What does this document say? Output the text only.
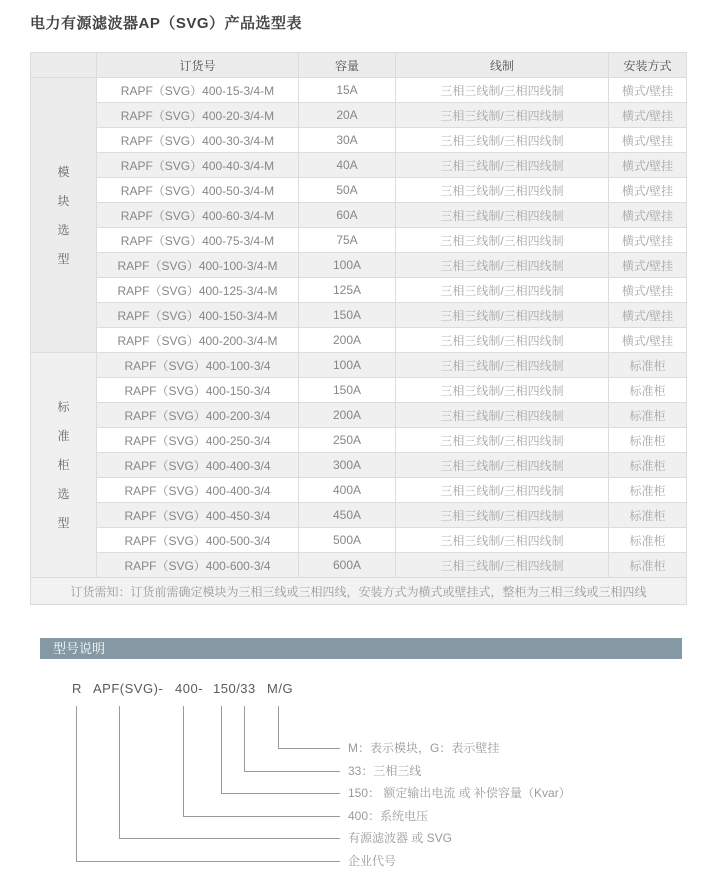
电力有源滤波器AP（SVG）产品选型表
	订货号	容量	线制	安装方式

模
块
选
型	RAPF（SVG）400-15-3/4-M	15A	三相三线制/三相四线制	横式/壁挂
	RAPF（SVG）400-20-3/4-M	20A	三相三线制/三相四线制	横式/壁挂
	RAPF（SVG）400-30-3/4-M	30A	三相三线制/三相四线制	横式/壁挂
	RAPF（SVG）400-40-3/4-M	40A	三相三线制/三相四线制	横式/壁挂
	RAPF（SVG）400-50-3/4-M	50A	三相三线制/三相四线制	横式/壁挂
	RAPF（SVG）400-60-3/4-M	60A	三相三线制/三相四线制	横式/壁挂
	RAPF（SVG）400-75-3/4-M	75A	三相三线制/三相四线制	横式/壁挂
	RAPF（SVG）400-100-3/4-M	100A	三相三线制/三相四线制	横式/壁挂
	RAPF（SVG）400-125-3/4-M	125A	三相三线制/三相四线制	横式/壁挂
	RAPF（SVG）400-150-3/4-M	150A	三相三线制/三相四线制	横式/壁挂
	RAPF（SVG）400-200-3/4-M	200A	三相三线制/三相四线制	横式/壁挂

标
准
柜
选
型	RAPF（SVG）400-100-3/4	100A	三相三线制/三相四线制	标准柜
	RAPF（SVG）400-150-3/4	150A	三相三线制/三相四线制	标准柜
	RAPF（SVG）400-200-3/4	200A	三相三线制/三相四线制	标准柜
	RAPF（SVG）400-250-3/4	250A	三相三线制/三相四线制	标准柜
	RAPF（SVG）400-400-3/4	300A	三相三线制/三相四线制	标准柜
	RAPF（SVG）400-400-3/4	400A	三相三线制/三相四线制	标准柜
	RAPF（SVG）400-450-3/4	450A	三相三线制/三相四线制	标准柜
	RAPF（SVG）400-500-3/4	500A	三相三线制/三相四线制	标准柜
	RAPF（SVG）400-600-3/4	600A	三相三线制/三相四线制	标准柜
订货需知：订货前需确定模块为三相三线或三相四线，安装方式为横式或壁挂式，整柜为三相三线或三相四线				
型号说明
R APF(SVG)- 400- 150/33 M/G
M：表示模块，G：表示壁挂
33：三相三线
150： 额定输出电流 或 补偿容量（Kvar）
400：系统电压
有源滤波器 或 SVG
企业代号
